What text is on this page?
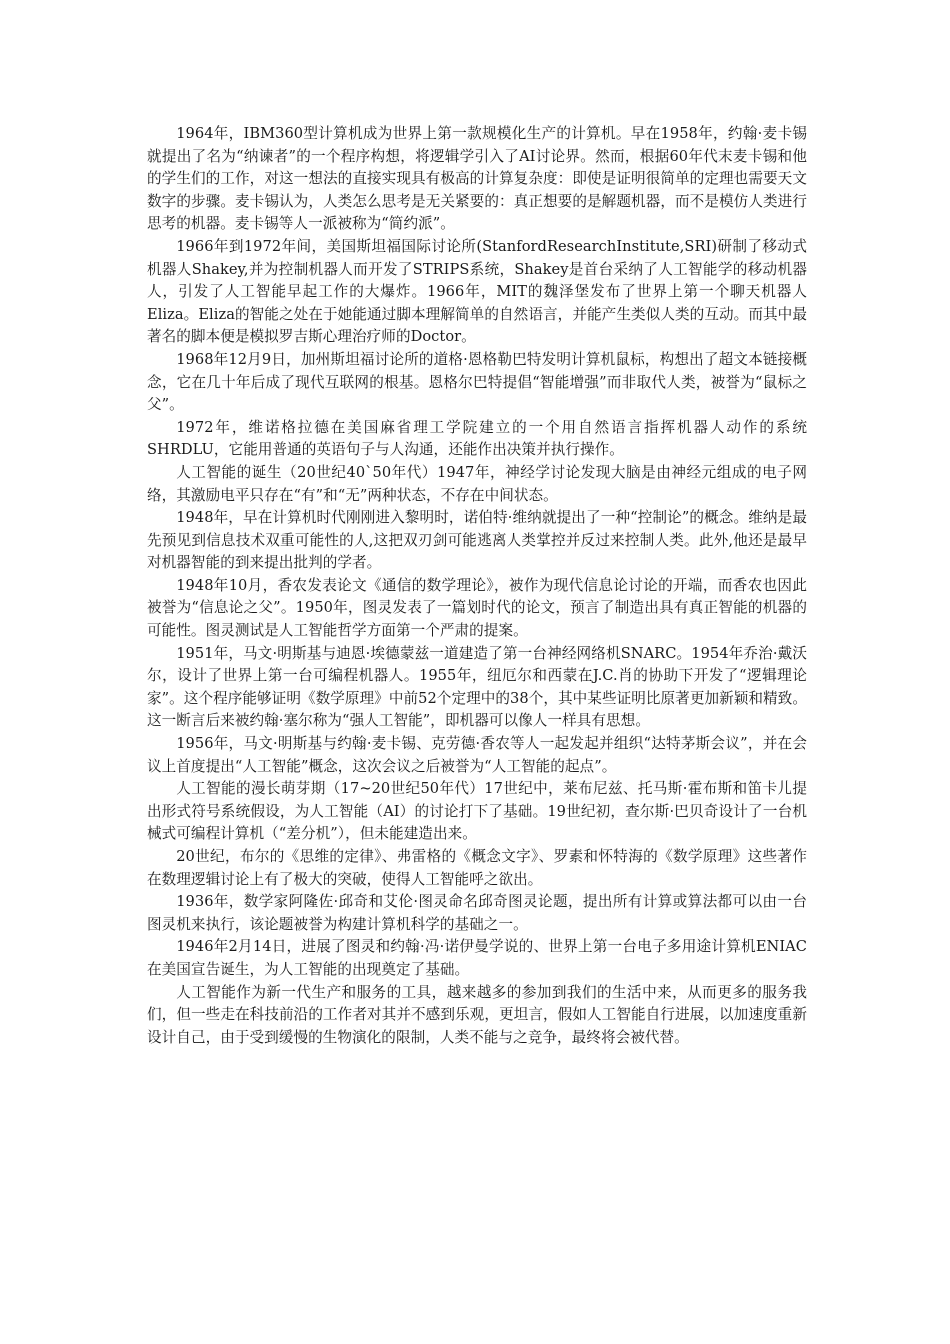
1964年，IBM360型计算机成为世界上第一款规模化生产的计算机。早在1958年，约翰·麦卡锡就提出了名为“纳谏者”的一个程序构想，将逻辑学引入了AI讨论界。然而，根据60年代末麦卡锡和他的学生们的工作，对这一想法的直接实现具有极高的计算复杂度：即使是证明很简单的定理也需要天文数字的步骤。麦卡锡认为，人类怎么思考是无关紧要的：真正想要的是解题机器，而不是模仿人类进行思考的机器。麦卡锡等人一派被称为“简约派”。

1966年到1972年间，美国斯坦福国际讨论所(StanfordResearchInstitute,SRI)研制了移动式机器人Shakey,并为控制机器人而开发了STRIPS系统，Shakey是首台采纳了人工智能学的移动机器人，引发了人工智能早起工作的大爆炸。1966年，MIT的魏泽堡发布了世界上第一个聊天机器人Eliza。Eliza的智能之处在于她能通过脚本理解简单的自然语言，并能产生类似人类的互动。而其中最著名的脚本便是模拟罗吉斯心理治疗师的Doctor。

1968年12月9日，加州斯坦福讨论所的道格·恩格勒巴特发明计算机鼠标，构想出了超文本链接概念，它在几十年后成了现代互联网的根基。恩格尔巴特提倡“智能增强”而非取代人类，被誉为“鼠标之父”。

1972年，维诺格拉德在美国麻省理工学院建立的一个用自然语言指挥机器人动作的系统SHRDLU，它能用普通的英语句子与人沟通，还能作出决策并执行操作。

人工智能的诞生（20世纪40`50年代）1947年，神经学讨论发现大脑是由神经元组成的电子网络，其激励电平只存在“有”和“无”两种状态，不存在中间状态。

1948年，早在计算机时代刚刚进入黎明时，诺伯特·维纳就提出了一种“控制论”的概念。维纳是最先预见到信息技术双重可能性的人,这把双刃剑可能逃离人类掌控并反过来控制人类。此外,他还是最早对机器智能的到来提出批判的学者。

1948年10月，香农发表论文《通信的数学理论》，被作为现代信息论讨论的开端，而香农也因此被誉为“信息论之父”。1950年，图灵发表了一篇划时代的论文，预言了制造出具有真正智能的机器的可能性。图灵测试是人工智能哲学方面第一个严肃的提案。

1951年，马文·明斯基与迪恩·埃德蒙兹一道建造了第一台神经网络机SNARC。1954年乔治·戴沃尔，设计了世界上第一台可编程机器人。1955年，纽厄尔和西蒙在J.C.肖的协助下开发了“逻辑理论家”。这个程序能够证明《数学原理》中前52个定理中的38个，其中某些证明比原著更加新颖和精致。这一断言后来被约翰·塞尔称为“强人工智能”，即机器可以像人一样具有思想。

1956年，马文·明斯基与约翰·麦卡锡、克劳德·香农等人一起发起并组织“达特茅斯会议”，并在会议上首度提出“人工智能”概念，这次会议之后被誉为“人工智能的起点”。

人工智能的漫长萌芽期（17~20世纪50年代）17世纪中，莱布尼兹、托马斯·霍布斯和笛卡儿提出形式符号系统假设，为人工智能（AI）的讨论打下了基础。19世纪初，查尔斯·巴贝奇设计了一台机械式可编程计算机（“差分机”），但未能建造出来。

20世纪，布尔的《思维的定律》、弗雷格的《概念文字》、罗素和怀特海的《数学原理》这些著作在数理逻辑讨论上有了极大的突破，使得人工智能呼之欲出。

1936年，数学家阿隆佐·邱奇和艾伦·图灵命名邱奇图灵论题，提出所有计算或算法都可以由一台图灵机来执行，该论题被誉为构建计算机科学的基础之一。

1946年2月14日，进展了图灵和约翰·冯·诺伊曼学说的、世界上第一台电子多用途计算机ENIAC在美国宣告诞生，为人工智能的出现奠定了基础。

人工智能作为新一代生产和服务的工具，越来越多的参加到我们的生活中来，从而更多的服务我们，但一些走在科技前沿的工作者对其并不感到乐观，更坦言，假如人工智能自行进展，以加速度重新设计自己，由于受到缓慢的生物演化的限制，人类不能与之竞争，最终将会被代替。
